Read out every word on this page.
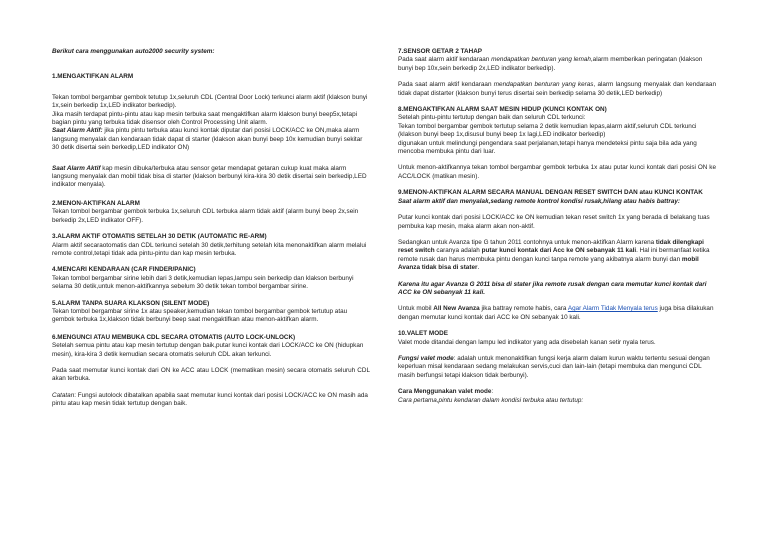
Berikut cara menggunakan auto2000 security system:

1.MENGAKTIFKAN ALARM

Tekan tombol bergambar gembok tetutup 1x,seluruh CDL (Central Door Lock) terkunci alarm aktif (klakson bunyi 1x,sein berkedip 1x,LED indikator berkedip).

Jika masih terdapat pintu-pintu atau kap mesin terbuka saat mengaktifkan alarm klakson bunyi beep5x,tetapi bagian pintu yang terbuka tidak disensor oleh Control Processing Unit alarm.

Saat Alarm Aktif: jika pintu pintu terbuka atau kunci kontak diputar dari posisi LOCK/ACC ke ON,maka alarm langsung menyalak dan kendaraan tidak dapat di starter (klakson akan bunyi beep 10x kemudian bunyi sekitar 30 detik disertai sein berkedip,LED indikator ON)

Saat Alarm Aktif kap mesin dibuka/terbuka atau sensor getar mendapat getaran cukup kuat maka alarm langsung menyalak dan mobil tidak bisa di starter (klakson berbunyi kira-kira 30 detik disertai sein berkedip,LED indikator menyala).

2.MENON-AKTIFKAN ALARM

Tekan tombol bergambar gembok terbuka 1x,seluruh CDL terbuka alarm tidak aktif (alarm bunyi beep 2x,sein berkedip 2x,LED indikator OFF).

3.ALARM AKTIF OTOMATIS SETELAH 30 DETIK (AUTOMATIC RE-ARM)

Alarm aktif secaraotomatis dan CDL terkunci setelah 30 detik,terhitung setelah kita menonaktifkan alarm melalui remote control,tetapi tidak ada pintu-pintu dan kap mesin terbuka.

4.MENCARI KENDARAAN (CAR FINDER/PANIC)

Tekan tombol bergambar sirine lebih dari 3 detik,kemudian lepas,lampu sein berkedip dan klakson berbunyi selama 30 detik,untuk menon-aktifkannya sebelum 30 detik tekan tombol bergambar sirine.

5.ALARM TANPA SUARA KLAKSON (SILENT MODE)

Tekan tombol bergambar sirine 1x atau speaker,kemudian tekan tombol bergambar gembok tertutup atau gembok terbuka 1x,klakson tidak berbunyi beep saat mengaktifkan atau menon-aktifkan alarm.

6.MENGUNCI ATAU MEMBUKA CDL SECARA OTOMATIS (AUTO LOCK-UNLOCK)

Setelah semua pintu atau kap mesin tertutup dengan baik,putar kunci kontak dari LOCK/ACC ke ON (hidupkan mesin), kira-kira 3 detik kemudian secara otomatis seluruh CDL akan terkunci.

Pada saat memutar kunci kontak dari ON ke ACC atau LOCK (mematikan mesin) secara otomatis seluruh CDL akan terbuka.

Catatan: Fungsi autolock dibatalkan apabila saat memutar kunci kontak dari posisi LOCK/ACC ke ON masih ada pintu atau kap mesin tidak tertutup dengan baik.

7.SENSOR GETAR 2 TAHAP

Pada saat alarm aktif kendaraan mendapatkan benturan yang lemah,alarm memberikan peringatan (klakson bunyi bep 10x,sein berkedip 2x,LED indikator berkedip).

Pada saat alarm aktif kendaraan mendapatkan benturan yang keras, alarm langsung menyalak dan kendaraan tidak dapat distarter (klakson bunyi terus disertai sein berkedip selama 30 detik,LED berkedip)

8.MENGAKTIFKAN ALARM SAAT MESIN HIDUP (KUNCI KONTAK ON)

Setelah pintu-pintu tertutup dengan baik dan seluruh CDL terkunci:

Tekan tombol bergambar gembok tertutup selama 2 detik kemudian lepas,alarm aktif,seluruh CDL terkunci (klakson bunyi beep 1x,disusul bunyi beep 1x lagi,LED indikator berkedip)

digunakan untuk melindungi pengendara saat perjalanan,tetapi hanya mendeteksi pintu saja bila ada yang mencoba membuka pintu dari luar.

Untuk menon-aktifkannya tekan tombol bergambar gembok terbuka 1x atau putar kunci kontak dari posisi ON ke ACC/LOCK (matikan mesin).

9.MENON-AKTIFKAN ALARM SECARA MANUAL DENGAN RESET SWITCH DAN atau KUNCI KONTAK

Saat alarm aktif dan menyalak,sedang remote kontrol kondisi rusak,hilang atau habis battray:

Putar kunci kontak dari posisi LOCK/ACC ke ON kemudian tekan reset switch 1x yang berada di belakang tuas pembuka kap mesin, maka alarm akan non-aktif.

Sedangkan untuk Avanza tipe G tahun 2011 contohnya untuk menon-aktifkan Alarm karena tidak dilengkapi reset switch caranya adalah putar kunci kontak dari Acc ke ON sebanyak 11 kali. Hal ini bermanfaat ketika remote rusak dan harus membuka pintu dengan kunci tanpa remote yang akibatnya alarm bunyi dan mobil Avanza tidak bisa di stater.

Karena itu agar Avanza G 2011 bisa di stater jika remote rusak dengan cara memutar kunci kontak dari ACC ke ON sebanyak 11 kali.

Untuk mobil All New Avanza jika battray remote habis, cara Agar Alarm Tidak Menyala terus juga bisa dilakukan dengan memutar kunci kontak dari ACC ke ON sebanyak 10 kali.

10.VALET MODE

Valet mode ditandai dengan lampu led indikator yang ada disebelah kanan setir nyala terus.

Fungsi valet mode: adalah untuk menonaktifkan fungsi kerja alarm dalam kurun waktu tertentu sesuai dengan keperluan misal kendaraan sedang melakukan servis,cuci dan lain-lain (tetapi membuka dan mengunci CDL masih berfungsi tetapi klakson tidak berbunyi).

Cara Menggunakan valet mode:

Cara pertama,pintu kendaran dalam kondisi terbuka atau tertutup:
